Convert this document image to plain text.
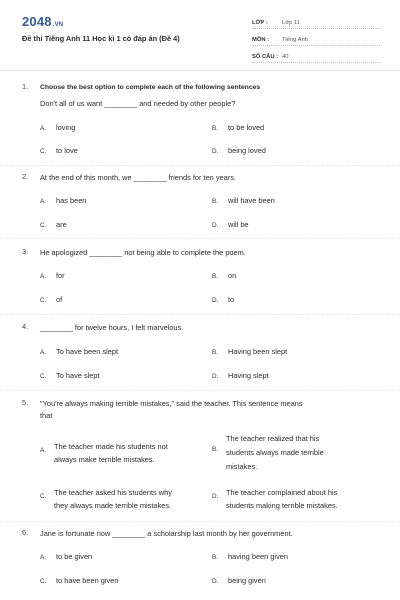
2048.VN
Đề thi Tiếng Anh 11 Học kì 1 có đáp án (Đề 4)
LỚP :	Lớp 11
MÔN :	Tiếng Anh
SỐ CÂU : 40
1.	Choose the best option to complete each of the following sentences
Don't all of us want ________ and needed by other people?
A. loving	B. to be loved
C. to love	D. being loved
2.	At the end of this month, we ________ friends for ten years.
A. has been	B. will have been
C. are	D. will be
3.	He apologized ________ not being able to complete the poem.
A. for	B. on
C. of	D. to
4.	________ for twelve hours, I felt marvelous.
A. To have been slept	B. Having been slept
C. To have slept	D. Having slept
5.	"You're always making terrible mistakes," said the teacher. This sentence means
that
A. The teacher made his students not
always make terrible mistakes.
B.
The teacher realized that his
students always made terrible
mistakes.
C. The teacher asked his students why
they always made terrible mistakes.
D. The teacher complained about his
students making terrible mistakes.
6.	Jane is fortunate now ________ a scholarship last month by her government.
A. to be given	B. having been given
C. to have been given	D. being given
